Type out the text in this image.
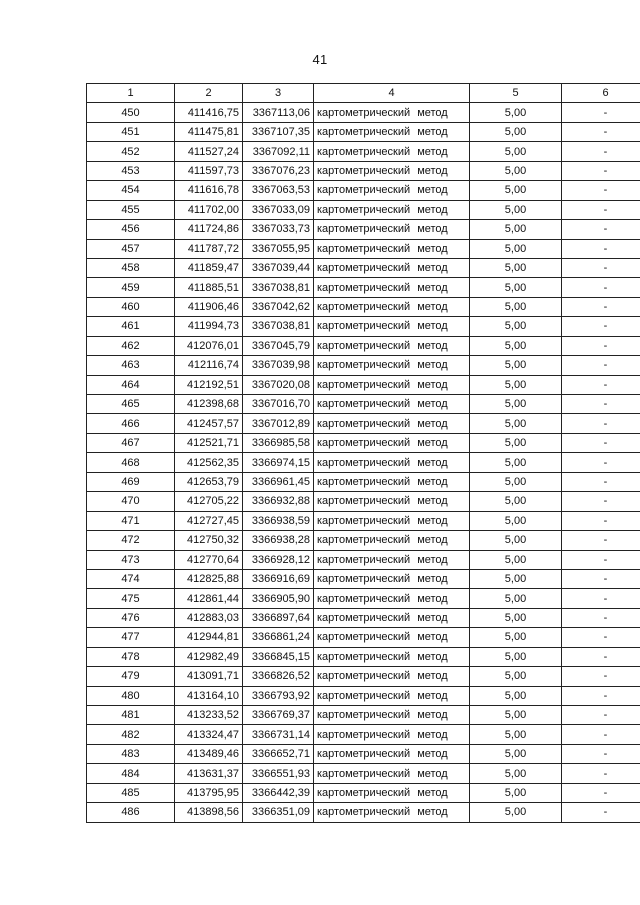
41
1	2	3	4	5	6
450	411416,75	3367113,06	картометрический метод	5,00	-
451	411475,81	3367107,35	картометрический метод	5,00	-
452	411527,24	3367092,11	картометрический метод	5,00	-
453	411597,73	3367076,23	картометрический метод	5,00	-
454	411616,78	3367063,53	картометрический метод	5,00	-
455	411702,00	3367033,09	картометрический метод	5,00	-
456	411724,86	3367033,73	картометрический метод	5,00	-
457	411787,72	3367055,95	картометрический метод	5,00	-
458	411859,47	3367039,44	картометрический метод	5,00	-
459	411885,51	3367038,81	картометрический метод	5,00	-
460	411906,46	3367042,62	картометрический метод	5,00	-
461	411994,73	3367038,81	картометрический метод	5,00	-
462	412076,01	3367045,79	картометрический метод	5,00	-
463	412116,74	3367039,98	картометрический метод	5,00	-
464	412192,51	3367020,08	картометрический метод	5,00	-
465	412398,68	3367016,70	картометрический метод	5,00	-
466	412457,57	3367012,89	картометрический метод	5,00	-
467	412521,71	3366985,58	картометрический метод	5,00	-
468	412562,35	3366974,15	картометрический метод	5,00	-
469	412653,79	3366961,45	картометрический метод	5,00	-
470	412705,22	3366932,88	картометрический метод	5,00	-
471	412727,45	3366938,59	картометрический метод	5,00	-
472	412750,32	3366938,28	картометрический метод	5,00	-
473	412770,64	3366928,12	картометрический метод	5,00	-
474	412825,88	3366916,69	картометрический метод	5,00	-
475	412861,44	3366905,90	картометрический метод	5,00	-
476	412883,03	3366897,64	картометрический метод	5,00	-
477	412944,81	3366861,24	картометрический метод	5,00	-
478	412982,49	3366845,15	картометрический метод	5,00	-
479	413091,71	3366826,52	картометрический метод	5,00	-
480	413164,10	3366793,92	картометрический метод	5,00	-
481	413233,52	3366769,37	картометрический метод	5,00	-
482	413324,47	3366731,14	картометрический метод	5,00	-
483	413489,46	3366652,71	картометрический метод	5,00	-
484	413631,37	3366551,93	картометрический метод	5,00	-
485	413795,95	3366442,39	картометрический метод	5,00	-
486	413898,56	3366351,09	картометрический метод	5,00	-
